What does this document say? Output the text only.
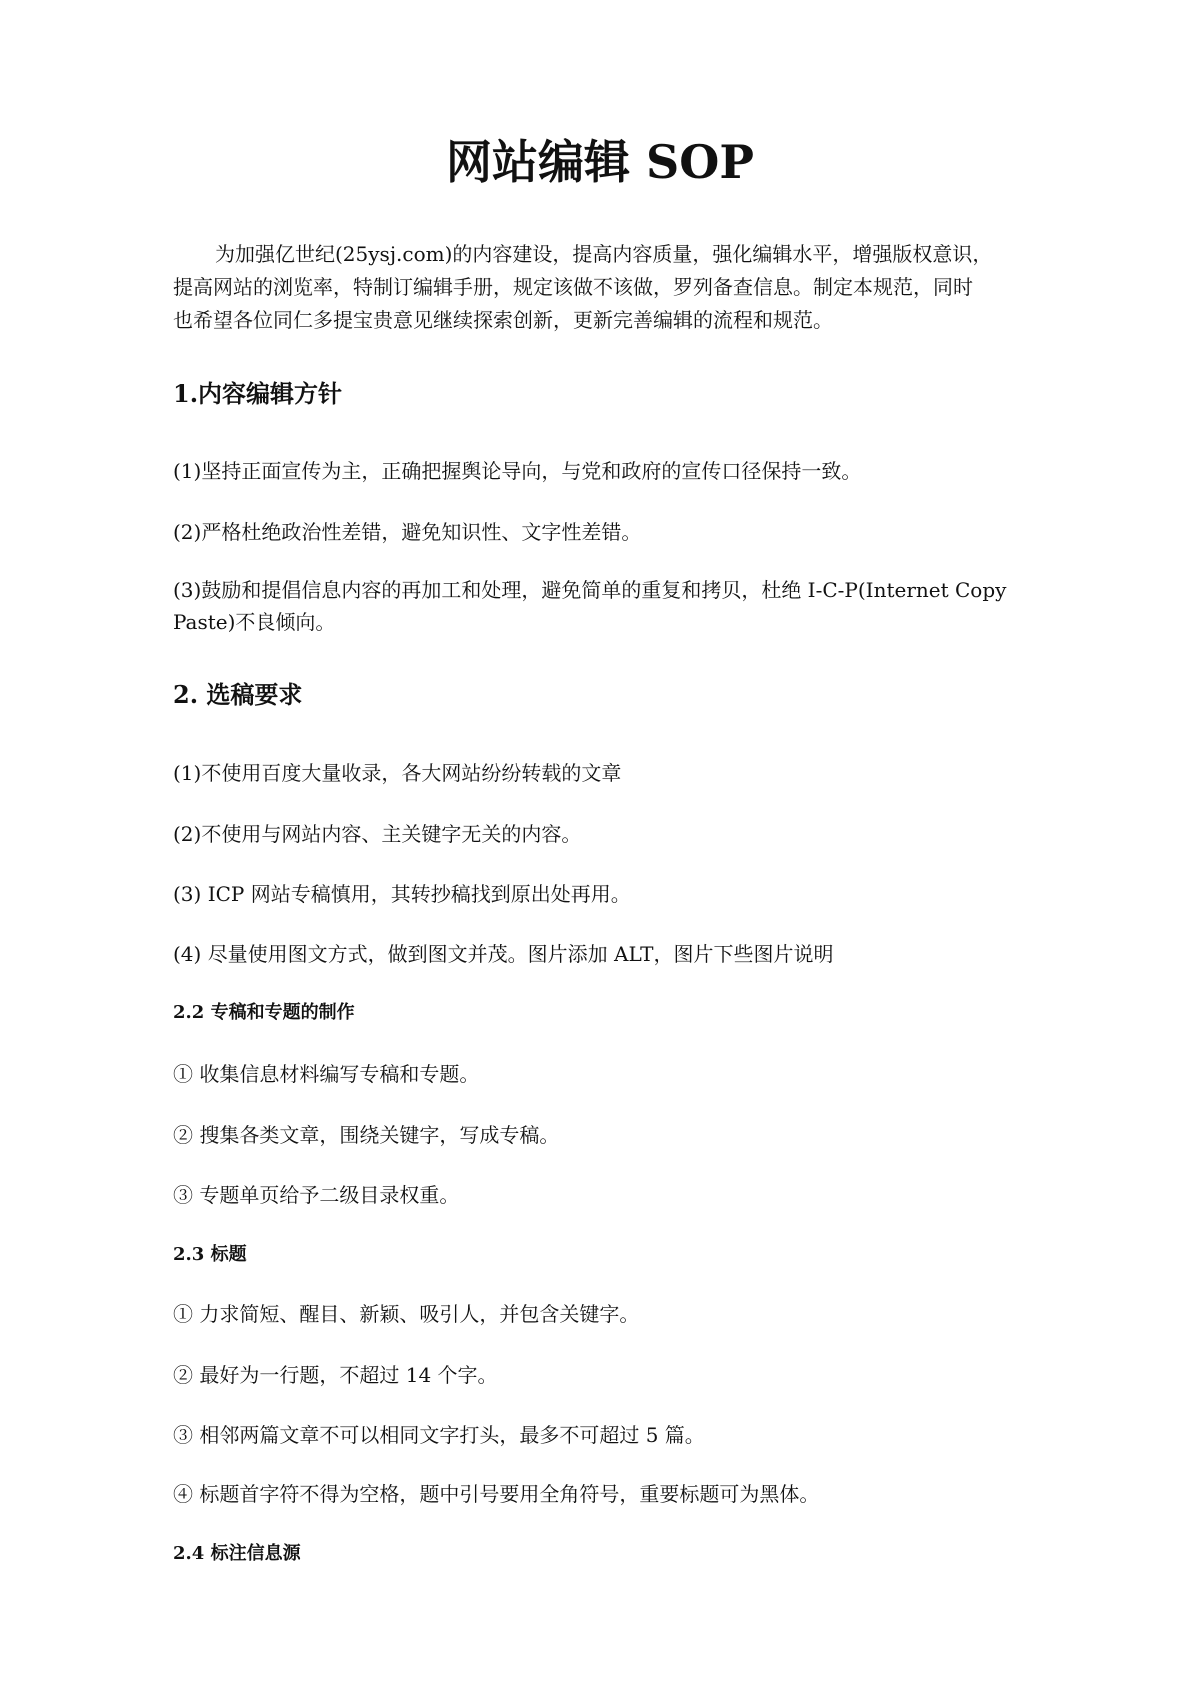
网站编辑 SOP
为加强亿世纪(25ysj.com)的内容建设，提高内容质量，强化编辑水平，增强版权意识，
提高网站的浏览率，特制订编辑手册，规定该做不该做，罗列备查信息。制定本规范，同时
也希望各位同仁多提宝贵意见继续探索创新，更新完善编辑的流程和规范。
1.内容编辑方针
(1)坚持正面宣传为主，正确把握舆论导向，与党和政府的宣传口径保持一致。
(2)严格杜绝政治性差错，避免知识性、文字性差错。
(3)鼓励和提倡信息内容的再加工和处理，避免简单的重复和拷贝，杜绝 I-C-P(Internet Copy
Paste)不良倾向。
2. 选稿要求
(1)不使用百度大量收录，各大网站纷纷转载的文章
(2)不使用与网站内容、主关键字无关的内容。
(3) ICP 网站专稿慎用，其转抄稿找到原出处再用。
(4) 尽量使用图文方式，做到图文并茂。图片添加 ALT，图片下些图片说明
2.2 专稿和专题的制作
① 收集信息材料编写专稿和专题。
② 搜集各类文章，围绕关键字，写成专稿。
③ 专题单页给予二级目录权重。
2.3 标题
① 力求简短、醒目、新颖、吸引人，并包含关键字。
② 最好为一行题，不超过 14 个字。
③ 相邻两篇文章不可以相同文字打头，最多不可超过 5 篇。
④ 标题首字符不得为空格，题中引号要用全角符号，重要标题可为黑体。
2.4 标注信息源
